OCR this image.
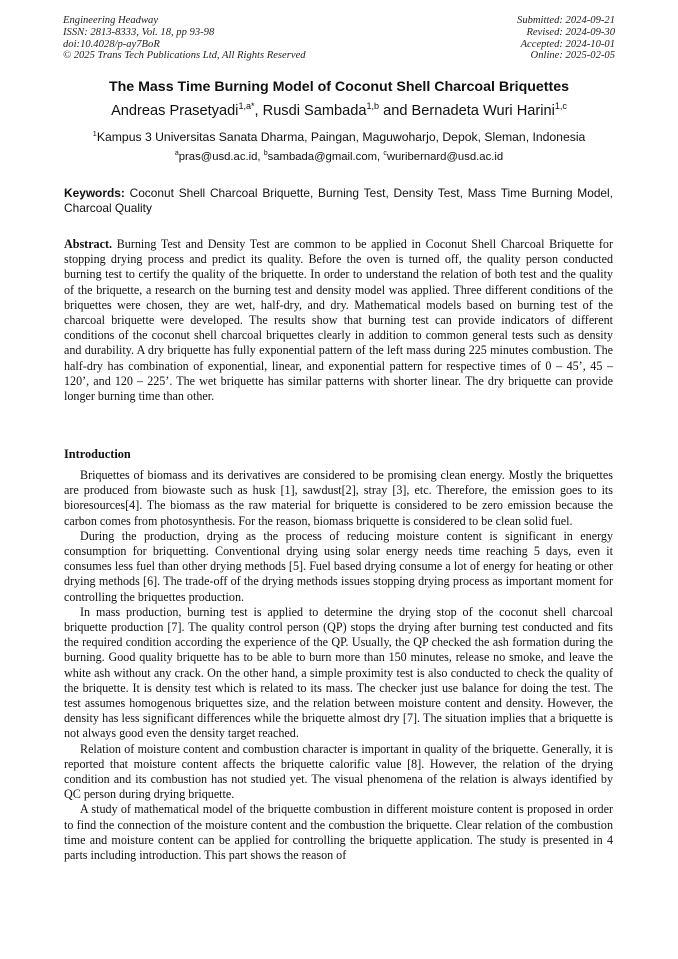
Engineering Headway
ISSN: 2813-8333, Vol. 18, pp 93-98
doi:10.4028/p-ay7BoR
© 2025 Trans Tech Publications Ltd, All Rights Reserved
Submitted: 2024-09-21
Revised: 2024-09-30
Accepted: 2024-10-01
Online: 2025-02-05
The Mass Time Burning Model of Coconut Shell Charcoal Briquettes
Andreas Prasetyadi$^{1,a*}$, Rusdi Sambada$^{1,b}$ and Bernadeta Wuri Harini$^{1,c}$
$^1$Kampus 3 Universitas Sanata Dharma, Paingan, Maguwoharjo, Depok, Sleman, Indonesia
$^a$pras@usd.ac.id, $^b$sambada@gmail.com, $^c$wuribernard@usd.ac.id
Keywords: Coconut Shell Charcoal Briquette, Burning Test, Density Test, Mass Time Burning Model, Charcoal Quality
Abstract. Burning Test and Density Test are common to be applied in Coconut Shell Charcoal Briquette for stopping drying process and predict its quality. Before the oven is turned off, the quality person conducted burning test to certify the quality of the briquette. In order to understand the relation of both test and the quality of the briquette, a research on the burning test and density model was applied. Three different conditions of the briquettes were chosen, they are wet, half-dry, and dry. Mathematical models based on burning test of the charcoal briquette were developed. The results show that burning test can provide indicators of different conditions of the coconut shell charcoal briquettes clearly in addition to common general tests such as density and durability. A dry briquette has fully exponential pattern of the left mass during 225 minutes combustion. The half-dry has combination of exponential, linear, and exponential pattern for respective times of 0 – 45’, 45 – 120’, and 120 – 225’. The wet briquette has similar patterns with shorter linear. The dry briquette can provide longer burning time than other.
Introduction

Briquettes of biomass and its derivatives are considered to be promising clean energy. Mostly the briquettes are produced from biowaste such as husk [1], sawdust[2], stray [3], etc. Therefore, the emission goes to its bioresources[4]. The biomass as the raw material for briquette is considered to be zero emission because the carbon comes from photosynthesis. For the reason, biomass briquette is considered to be clean solid fuel.

During the production, drying as the process of reducing moisture content is significant in energy consumption for briquetting. Conventional drying using solar energy needs time reaching 5 days, even it consumes less fuel than other drying methods [5]. Fuel based drying consume a lot of energy for heating or other drying methods [6]. The trade-off of the drying methods issues stopping drying process as important moment for controlling the briquettes production.

In mass production, burning test is applied to determine the drying stop of the coconut shell charcoal briquette production [7]. The quality control person (QP) stops the drying after burning test conducted and fits the required condition according the experience of the QP. Usually, the QP checked the ash formation during the burning. Good quality briquette has to be able to burn more than 150 minutes, release no smoke, and leave the white ash without any crack. On the other hand, a simple proximity test is also conducted to check the quality of the briquette. It is density test which is related to its mass. The checker just use balance for doing the test. The test assumes homogenous briquettes size, and the relation between moisture content and density. However, the density has less significant differences while the briquette almost dry [7]. The situation implies that a briquette is not always good even the density target reached.

Relation of moisture content and combustion character is important in quality of the briquette. Generally, it is reported that moisture content affects the briquette calorific value [8]. However, the relation of the drying condition and its combustion has not studied yet. The visual phenomena of the relation is always identified by QC person during drying briquette.

A study of mathematical model of the briquette combustion in different moisture content is proposed in order to find the connection of the moisture content and the combustion the briquette. Clear relation of the combustion time and moisture content can be applied for controlling the briquette application. The study is presented in 4 parts including introduction. This part shows the reason of
